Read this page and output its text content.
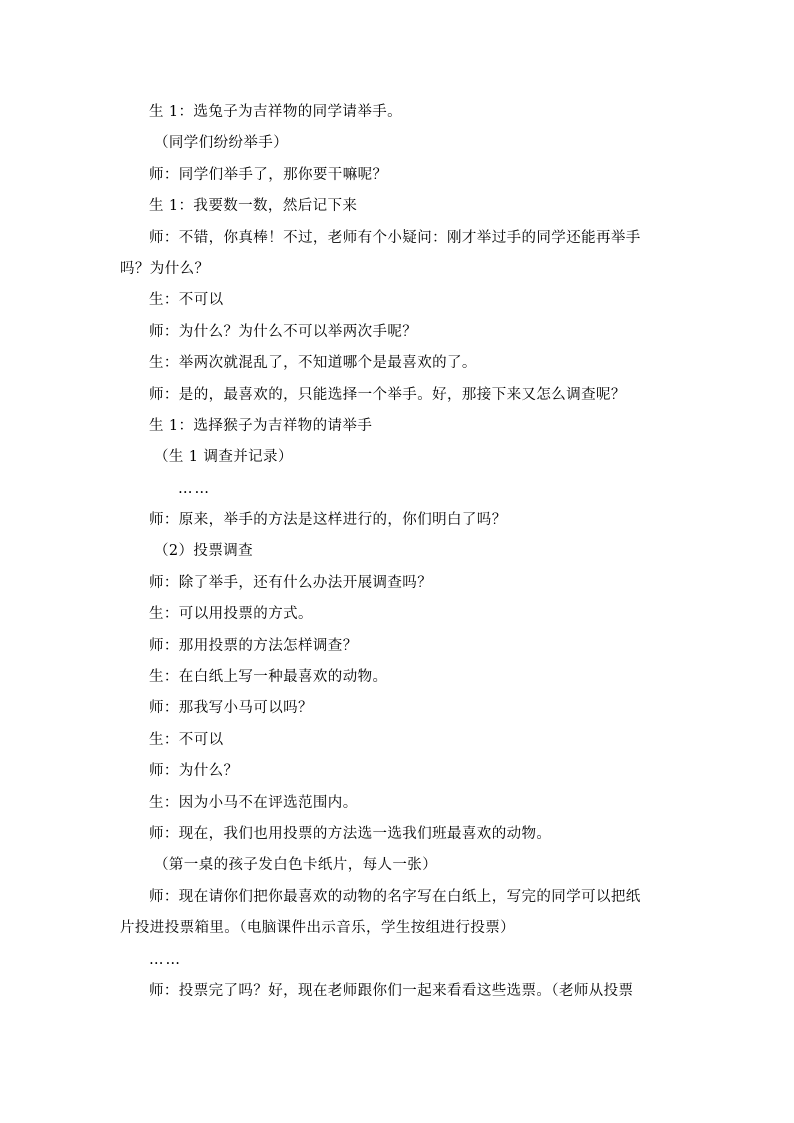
生 1：选兔子为吉祥物的同学请举手。
（同学们纷纷举手）
师：同学们举手了，那你要干嘛呢？
生 1：我要数一数，然后记下来
师：不错，你真棒！不过，老师有个小疑问：刚才举过手的同学还能再举手
吗？为什么？
生：不可以
师：为什么？为什么不可以举两次手呢？
生：举两次就混乱了，不知道哪个是最喜欢的了。
师：是的，最喜欢的，只能选择一个举手。好，那接下来又怎么调查呢？
生 1：选择猴子为吉祥物的请举手
（生 1 调查并记录）
……
师：原来，举手的方法是这样进行的，你们明白了吗？
（2）投票调查
师：除了举手，还有什么办法开展调查吗？
生：可以用投票的方式。
师：那用投票的方法怎样调查？
生：在白纸上写一种最喜欢的动物。
师：那我写小马可以吗？
生：不可以
师：为什么？
生：因为小马不在评选范围内。
师：现在，我们也用投票的方法选一选我们班最喜欢的动物。
（第一桌的孩子发白色卡纸片，每人一张）
师：现在请你们把你最喜欢的动物的名字写在白纸上，写完的同学可以把纸
片投进投票箱里。（电脑课件出示音乐，学生按组进行投票）
……
师：投票完了吗？好，现在老师跟你们一起来看看这些选票。（老师从投票
